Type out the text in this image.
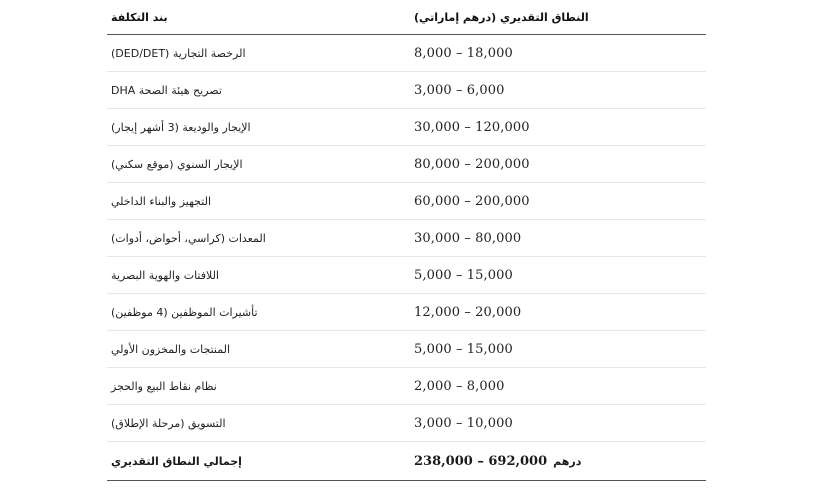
بند التكلفة	النطاق التقديري (درهم إماراتي)
الرخصة التجارية (DED/DET)	8,000 – 18,000
تصريح هيئة الصحة DHA	3,000 – 6,000
الإيجار والوديعة (3 أشهر إيجار)	30,000 – 120,000
الإيجار السنوي (موقع سكني)	80,000 – 200,000
التجهيز والبناء الداخلي	60,000 – 200,000
المعدات (كراسي، أحواض، أدوات)	30,000 – 80,000
اللافتات والهوية البصرية	5,000 – 15,000
تأشيرات الموظفين (4 موظفين)	12,000 – 20,000
المنتجات والمخزون الأولي	5,000 – 15,000
نظام نقاط البيع والحجز	2,000 – 8,000
التسويق (مرحلة الإطلاق)	3,000 – 10,000
إجمالي النطاق التقديري	238,000 – 692,000 درهم
